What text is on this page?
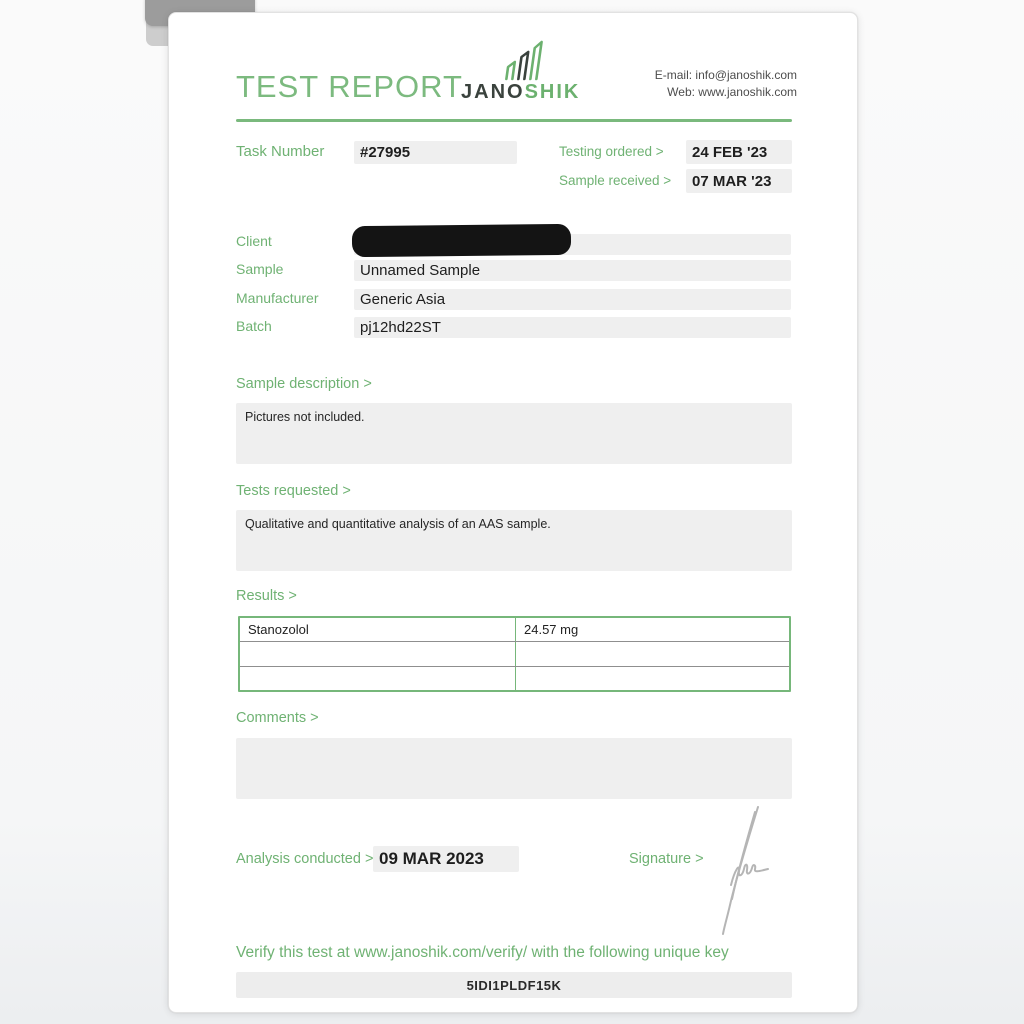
TEST REPORT
JANOSHIK
E-mail: info@janoshik.com
Web: www.janoshik.com
Task Number	#27995	Testing ordered >	24 FEB '23
Sample received >	07 MAR '23
Client
Sample	Unnamed Sample
Manufacturer	Generic Asia
Batch	pj12hd22ST
Sample description >
Pictures not included.
Tests requested >
Qualitative and quantitative analysis of an AAS sample.
Results >
Stanozolol	24.57 mg
Comments >
Analysis conducted > 09 MAR 2023	Signature >
Verify this test at www.janoshik.com/verify/ with the following unique key
5IDI1PLDF15K
